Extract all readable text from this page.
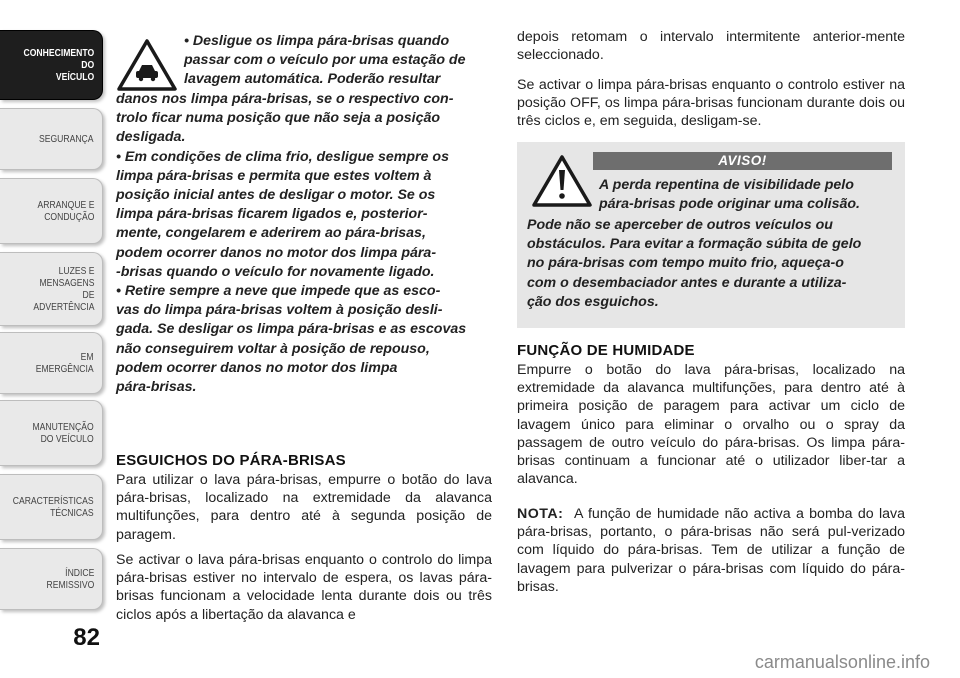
CONHECIMENTO
DO
VEÍCULO
SEGURANÇA
ARRANQUE E
CONDUÇÃO
LUZES E
MENSAGENS
DE
ADVERTÊNCIA
EM
EMERGÊNCIA
MANUTENÇÃO
DO VEÍCULO
CARACTERÍSTICAS
TÉCNICAS
ÍNDICE
REMISSIVO
82
• Desligue os limpa pára-brisas quando
passar com o veículo por uma estação de
lavagem automática. Poderão resultar
danos nos limpa pára-brisas, se o respectivo con-
trolo ficar numa posição que não seja a posição
desligada.
• Em condições de clima frio, desligue sempre os
limpa pára-brisas e permita que estes voltem à
posição inicial antes de desligar o motor. Se os
limpa pára-brisas ficarem ligados e, posterior-
mente, congelarem e aderirem ao pára-brisas,
podem ocorrer danos no motor dos limpa pára-
-brisas quando o veículo for novamente ligado.
• Retire sempre a neve que impede que as esco-
vas do limpa pára-brisas voltem à posição desli-
gada. Se desligar os limpa pára-brisas e as escovas
não conseguirem voltar à posição de repouso,
podem ocorrer danos no motor dos limpa
pára-brisas.
ESGUICHOS DO PÁRA-BRISAS

Para utilizar o lava pára-brisas, empurre o botão do lava pára-brisas, localizado na extremidade da alavanca multifunções, para dentro até à segunda posição de paragem.

Se activar o lava pára-brisas enquanto o controlo do limpa pára-brisas estiver no intervalo de espera, os lavas pára-brisas funcionam a velocidade lenta durante dois ou três ciclos após a libertação da alavanca e

depois retomam o intervalo intermitente anterior-mente seleccionado.

Se activar o limpa pára-brisas enquanto o controlo estiver na posição OFF, os limpa pára-brisas funcionam durante dois ou três ciclos e, em seguida, desligam-se.

AVISO!
A perda repentina de visibilidade pelo
pára-brisas pode originar uma colisão.
Pode não se aperceber de outros veículos ou
obstáculos. Para evitar a formação súbita de gelo
no pára-brisas com tempo muito frio, aqueça-o
com o desembaciador antes e durante a utiliza-
ção dos esguichos.
FUNÇÃO DE HUMIDADE

Empurre o botão do lava pára-brisas, localizado na extremidade da alavanca multifunções, para dentro até à primeira posição de paragem para activar um ciclo de lavagem único para eliminar o orvalho ou o spray da passagem de outro veículo do pára-brisas. Os limpa pára-brisas continuam a funcionar até o utilizador liber-tar a alavanca.

NOTA: A função de humidade não activa a bomba do lava pára-brisas, portanto, o pára-brisas não será pul-verizado com líquido do pára-brisas. Tem de utilizar a função de lavagem para pulverizar o pára-brisas com líquido do pára-brisas.

carmanualsonline.info
